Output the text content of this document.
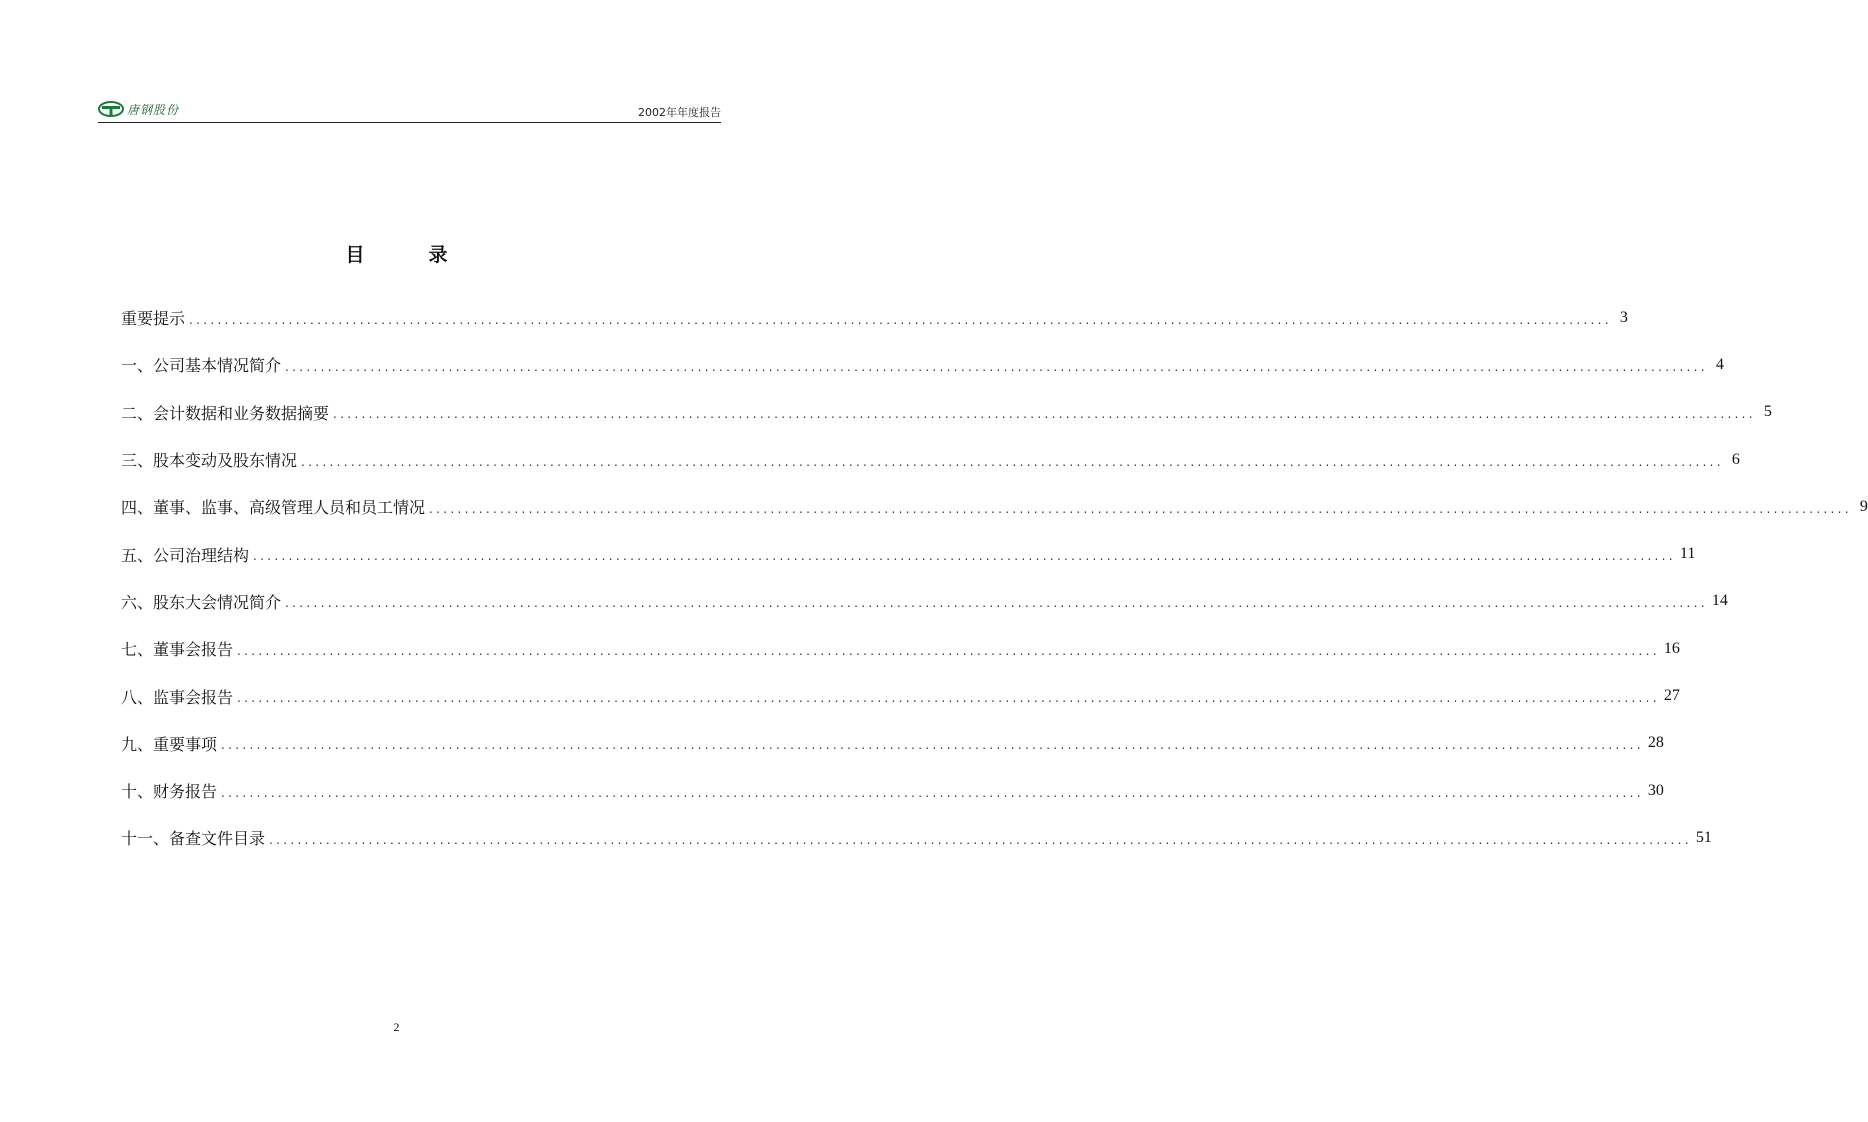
唐钢股份	2002年年度报告
目	录
重要提示 ........................................................................................................................................................................................................ 3
一、公司基本情况简介 ........................................................................................................................................................................................................ 4
二、会计数据和业务数据摘要 ........................................................................................................................................................................................................ 5
三、股本变动及股东情况 ........................................................................................................................................................................................................ 6
四、董事、监事、高级管理人员和员工情况 ........................................................................................................................................................................................................ 9
五、公司治理结构 ........................................................................................................................................................................................................ 11
六、股东大会情况简介 ........................................................................................................................................................................................................ 14
七、董事会报告 ........................................................................................................................................................................................................ 16
八、监事会报告 ........................................................................................................................................................................................................ 27
九、重要事项 ........................................................................................................................................................................................................ 28
十、财务报告 ........................................................................................................................................................................................................ 30
十一、备查文件目录 ........................................................................................................................................................................................................ 51
2
